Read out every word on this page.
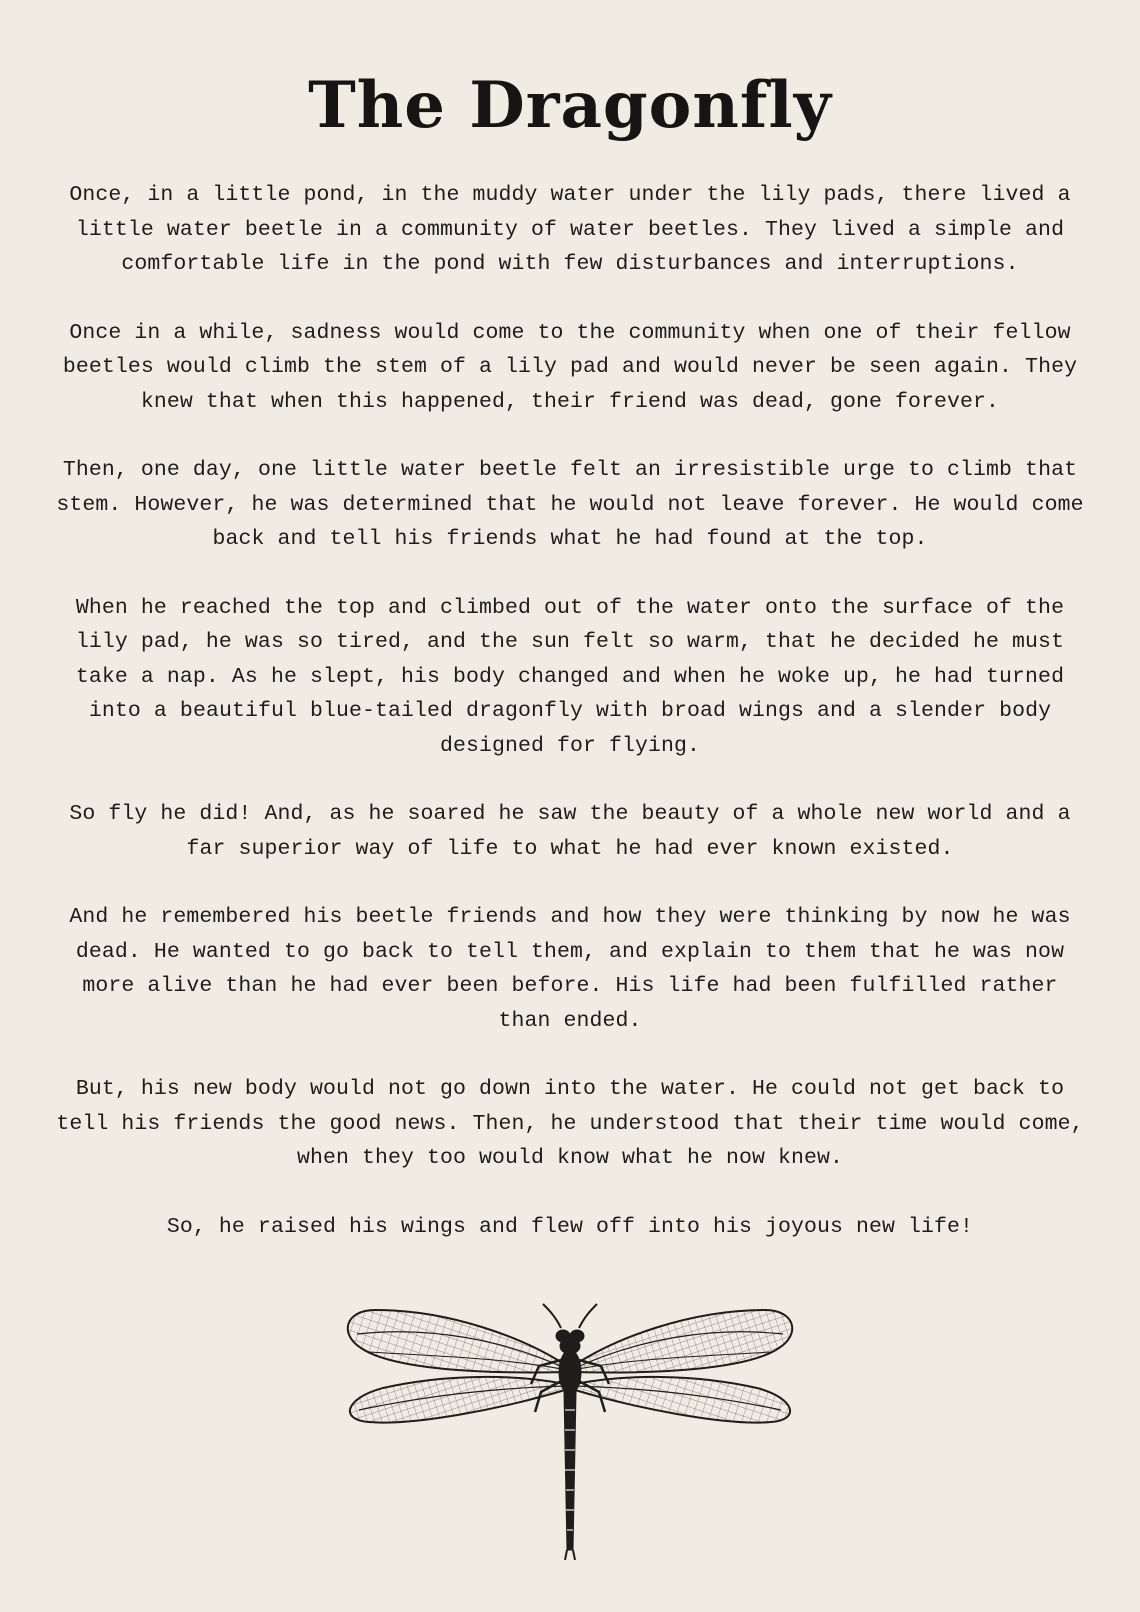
The Dragonfly

Once, in a little pond, in the muddy water under the lily pads, there lived a little water beetle in a community of water beetles. They lived a simple and comfortable life in the pond with few disturbances and interruptions.

Once in a while, sadness would come to the community when one of their fellow beetles would climb the stem of a lily pad and would never be seen again. They knew that when this happened, their friend was dead, gone forever.

Then, one day, one little water beetle felt an irresistible urge to climb that stem. However, he was determined that he would not leave forever. He would come back and tell his friends what he had found at the top.

When he reached the top and climbed out of the water onto the surface of the lily pad, he was so tired, and the sun felt so warm, that he decided he must take a nap. As he slept, his body changed and when he woke up, he had turned into a beautiful blue-tailed dragonfly with broad wings and a slender body designed for flying.

So fly he did! And, as he soared he saw the beauty of a whole new world and a far superior way of life to what he had ever known existed.

And he remembered his beetle friends and how they were thinking by now he was dead. He wanted to go back to tell them, and explain to them that he was now more alive than he had ever been before. His life had been fulfilled rather than ended.

But, his new body would not go down into the water. He could not get back to tell his friends the good news. Then, he understood that their time would come, when they too would know what he now knew.

So, he raised his wings and flew off into his joyous new life!
